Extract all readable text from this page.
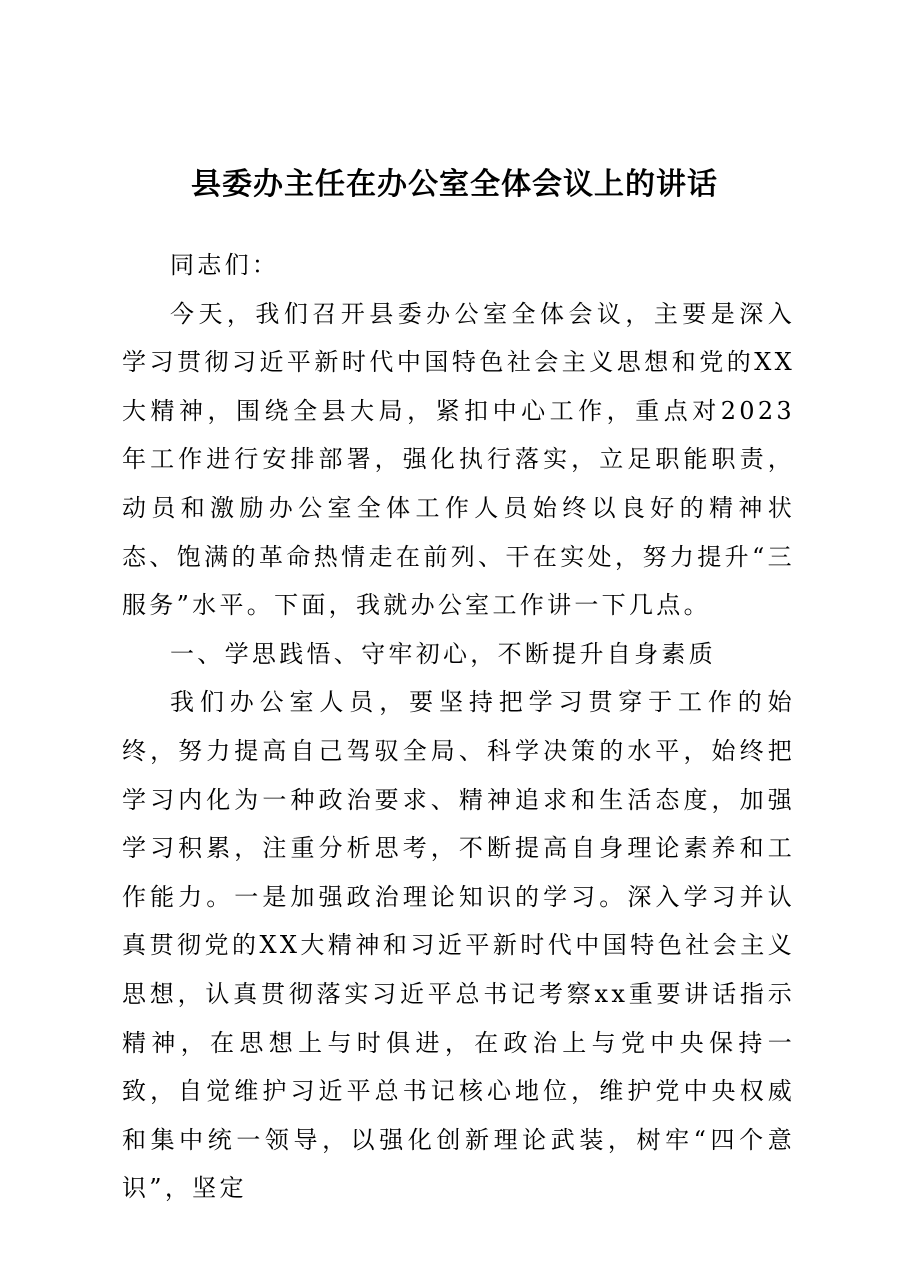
县委办主任在办公室全体会议上的讲话

同志们：

今天，我们召开县委办公室全体会议，主要是深入学习贯彻习近平新时代中国特色社会主义思想和党的XX大精神，围绕全县大局，紧扣中心工作，重点对2023年工作进行安排部署，强化执行落实，立足职能职责，动员和激励办公室全体工作人员始终以良好的精神状态、饱满的革命热情走在前列、干在实处，努力提升“三服务”水平。下面，我就办公室工作讲一下几点。

一、学思践悟、守牢初心，不断提升自身素质

我们办公室人员，要坚持把学习贯穿于工作的始终，努力提高自己驾驭全局、科学决策的水平，始终把学习内化为一种政治要求、精神追求和生活态度，加强学习积累，注重分析思考，不断提高自身理论素养和工作能力。一是加强政治理论知识的学习。深入学习并认真贯彻党的XX大精神和习近平新时代中国特色社会主义思想，认真贯彻落实习近平总书记考察xx重要讲话指示精神，在思想上与时俱进，在政治上与党中央保持一致，自觉维护习近平总书记核心地位，维护党中央权威和集中统一领导，以强化创新理论武装，树牢“四个意识”，坚定
